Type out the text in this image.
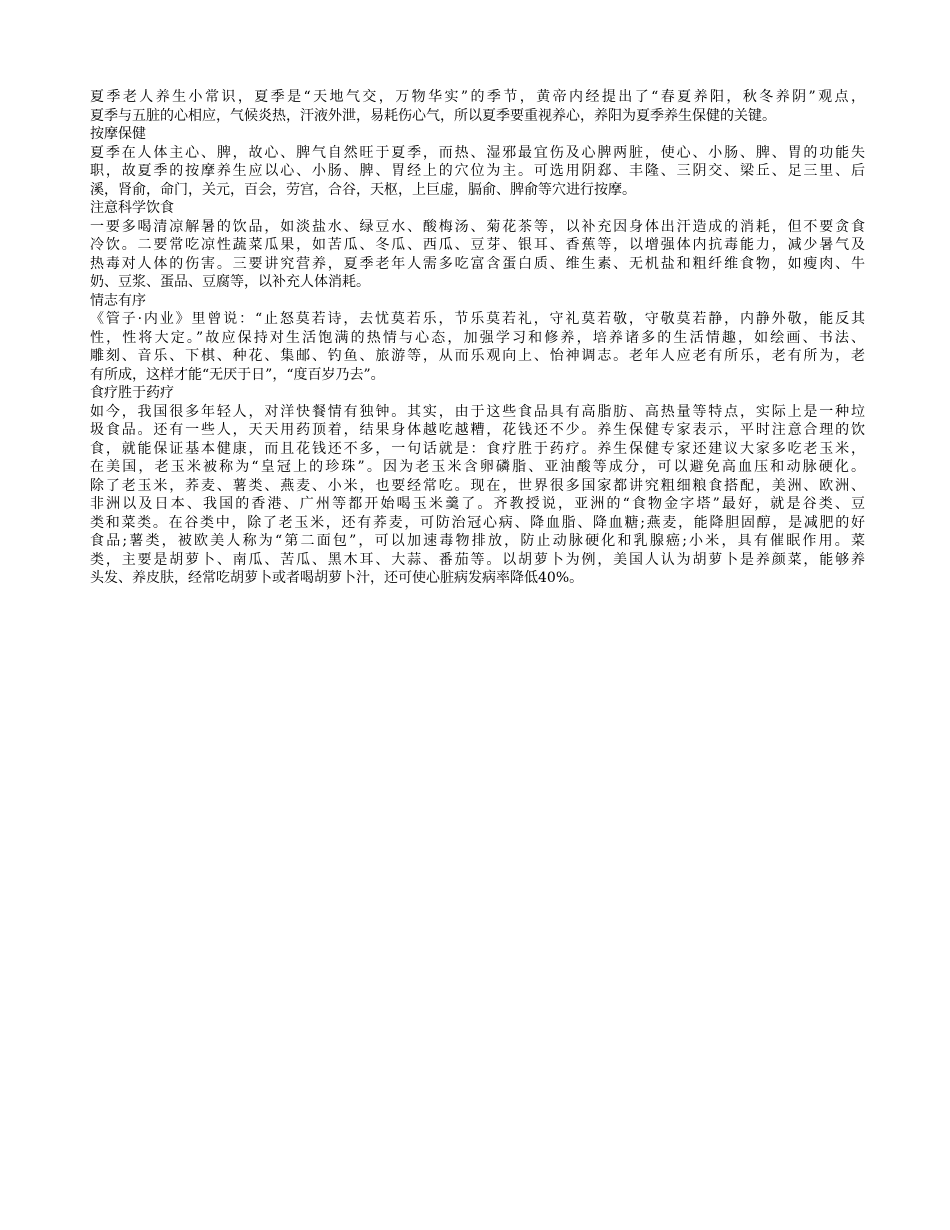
夏季老人养生小常识，夏季是“天地气交，万物华实”的季节，黄帝内经提出了“春夏养阳，秋冬养阴”观点，
夏季与五脏的心相应，气候炎热，汗液外泄，易耗伤心气，所以夏季要重视养心，养阳为夏季养生保健的关键。
按摩保健
夏季在人体主心、脾，故心、脾气自然旺于夏季，而热、湿邪最宜伤及心脾两脏，使心、小肠、脾、胃的功能失
职，故夏季的按摩养生应以心、小肠、脾、胃经上的穴位为主。可选用阴郄、丰隆、三阴交、梁丘、足三里、后
溪，肾俞，命门，关元，百会，劳宫，合谷，天枢，上巨虚，膈俞、脾俞等穴进行按摩。
注意科学饮食
一要多喝清凉解暑的饮品，如淡盐水、绿豆水、酸梅汤、菊花茶等，以补充因身体出汗造成的消耗，但不要贪食
冷饮。二要常吃凉性蔬菜瓜果，如苦瓜、冬瓜、西瓜、豆芽、银耳、香蕉等，以增强体内抗毒能力，减少暑气及
热毒对人体的伤害。三要讲究营养，夏季老年人需多吃富含蛋白质、维生素、无机盐和粗纤维食物，如瘦肉、牛
奶、豆浆、蛋品、豆腐等，以补充人体消耗。
情志有序
《管子·内业》里曾说：“止怒莫若诗，去忧莫若乐，节乐莫若礼，守礼莫若敬，守敬莫若静，内静外敬，能反其
性，性将大定。”故应保持对生活饱满的热情与心态，加强学习和修养，培养诸多的生活情趣，如绘画、书法、
雕刻、音乐、下棋、种花、集邮、钓鱼、旅游等，从而乐观向上、怡神调志。老年人应老有所乐，老有所为，老
有所成，这样才能“无厌于日”，“度百岁乃去”。
食疗胜于药疗
如今，我国很多年轻人，对洋快餐情有独钟。其实，由于这些食品具有高脂肪、高热量等特点，实际上是一种垃
圾食品。还有一些人，天天用药顶着，结果身体越吃越糟，花钱还不少。养生保健专家表示，平时注意合理的饮
食，就能保证基本健康，而且花钱还不多，一句话就是：食疗胜于药疗。养生保健专家还建议大家多吃老玉米，
在美国，老玉米被称为“皇冠上的珍珠”。因为老玉米含卵磷脂、亚油酸等成分，可以避免高血压和动脉硬化。
除了老玉米，荞麦、薯类、燕麦、小米，也要经常吃。现在，世界很多国家都讲究粗细粮食搭配，美洲、欧洲、
非洲以及日本、我国的香港、广州等都开始喝玉米羹了。齐教授说，亚洲的“食物金字塔”最好，就是谷类、豆
类和菜类。在谷类中，除了老玉米，还有荞麦，可防治冠心病、降血脂、降血糖;燕麦，能降胆固醇，是减肥的好
食品;薯类，被欧美人称为“第二面包”，可以加速毒物排放，防止动脉硬化和乳腺癌;小米，具有催眠作用。菜
类，主要是胡萝卜、南瓜、苦瓜、黑木耳、大蒜、番茄等。以胡萝卜为例，美国人认为胡萝卜是养颜菜，能够养
头发、养皮肤，经常吃胡萝卜或者喝胡萝卜汁，还可使心脏病发病率降低40%。
